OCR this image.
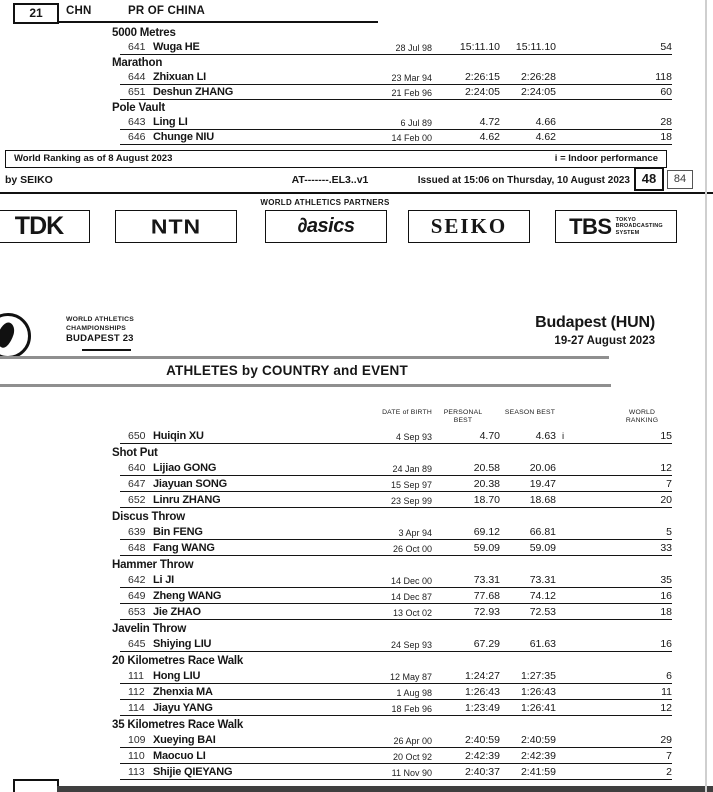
21	CHN	PR OF CHINA
5000 Metres
641 Wuga HE	28 Jul 98	15:11.10	15:11.10	54
Marathon
644 Zhixuan LI	23 Mar 94	2:26:15	2:26:28	118
651 Deshun ZHANG	21 Feb 96	2:24:05	2:24:05	60
Pole Vault
643 Ling LI	6 Jul 89	4.72	4.66	28
646 Chunge NIU	14 Feb 00	4.62	4.62	18
World Ranking as of 8 August 2023	i = Indoor performance
by SEIKO	AT-------.EL3..v1	Issued at 15:06 on Thursday, 10 August 2023 48	84
WORLD ATHLETICS PARTNERS
TDK	NTN	∂asics	SEIKO	TBS TOKYO
BROADCASTING
SYSTEM
WORLD ATHLETICS
CHAMPIONSHIPS
BUDAPEST 23
Budapest (HUN)
19-27 August 2023
ATHLETES by COUNTRY and EVENT
DATE of BIRTH	PERSONAL
BEST
SEASON BEST	WORLD
RANKING
650 Huiqin XU	4 Sep 93	4.70	4.63 i	15
Shot Put
640 Lijiao GONG	24 Jan 89	20.58	20.06	12
647 Jiayuan SONG	15 Sep 97	20.38	19.47	7
652 Linru ZHANG	23 Sep 99	18.70	18.68	20
Discus Throw
639 Bin FENG	3 Apr 94	69.12	66.81	5
648 Fang WANG	26 Oct 00	59.09	59.09	33
Hammer Throw
642 Li JI	14 Dec 00	73.31	73.31	35
649 Zheng WANG	14 Dec 87	77.68	74.12	16
653 Jie ZHAO	13 Oct 02	72.93	72.53	18
Javelin Throw
645 Shiying LIU	24 Sep 93	67.29	61.63	16
20 Kilometres Race Walk
111 Hong LIU	12 May 87	1:24:27	1:27:35	6
112 Zhenxia MA	1 Aug 98	1:26:43	1:26:43	11
114 Jiayu YANG	18 Feb 96	1:23:49	1:26:41	12
35 Kilometres Race Walk
109 Xueying BAI	26 Apr 00	2:40:59	2:40:59	29
110 Maocuo LI	20 Oct 92	2:42:39	2:42:39	7
113 Shijie QIEYANG	11 Nov 90	2:40:37	2:41:59	2
